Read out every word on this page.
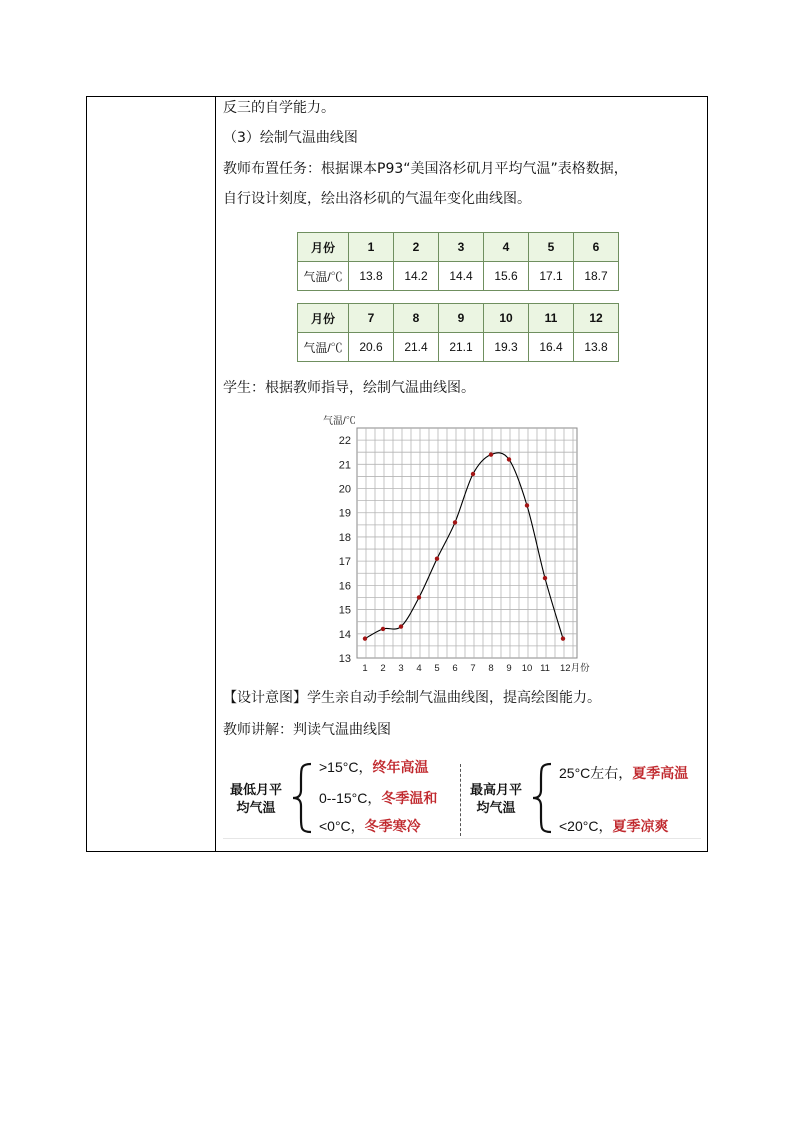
反三的自学能力。
（3）绘制气温曲线图
教师布置任务：根据课本P93“美国洛杉矶月平均气温”表格数据，
自行设计刻度，绘出洛杉矶的气温年变化曲线图。
月份	1	2	3	4	5	6
气温/℃	13.8	14.2	14.4	15.6	17.1	18.7
月份	7	8	9	10	11	12
气温/℃	20.6	21.4	21.1	19.3	16.4	13.8
学生：根据教师指导，绘制气温曲线图。
13
14
15
16
17
18
19
20
21
22
气温/℃
1 2 3 4 5 6 7 8 9 10 11 12月份
【设计意图】学生亲自动手绘制气温曲线图，提高绘图能力。
教师讲解：判读气温曲线图
最低月平
均气温
>15°C，终年高温
0--15°C，冬季温和
<0°C，冬季寒冷
最高月平
均气温
25°C左右，夏季高温
<20°C，夏季凉爽
